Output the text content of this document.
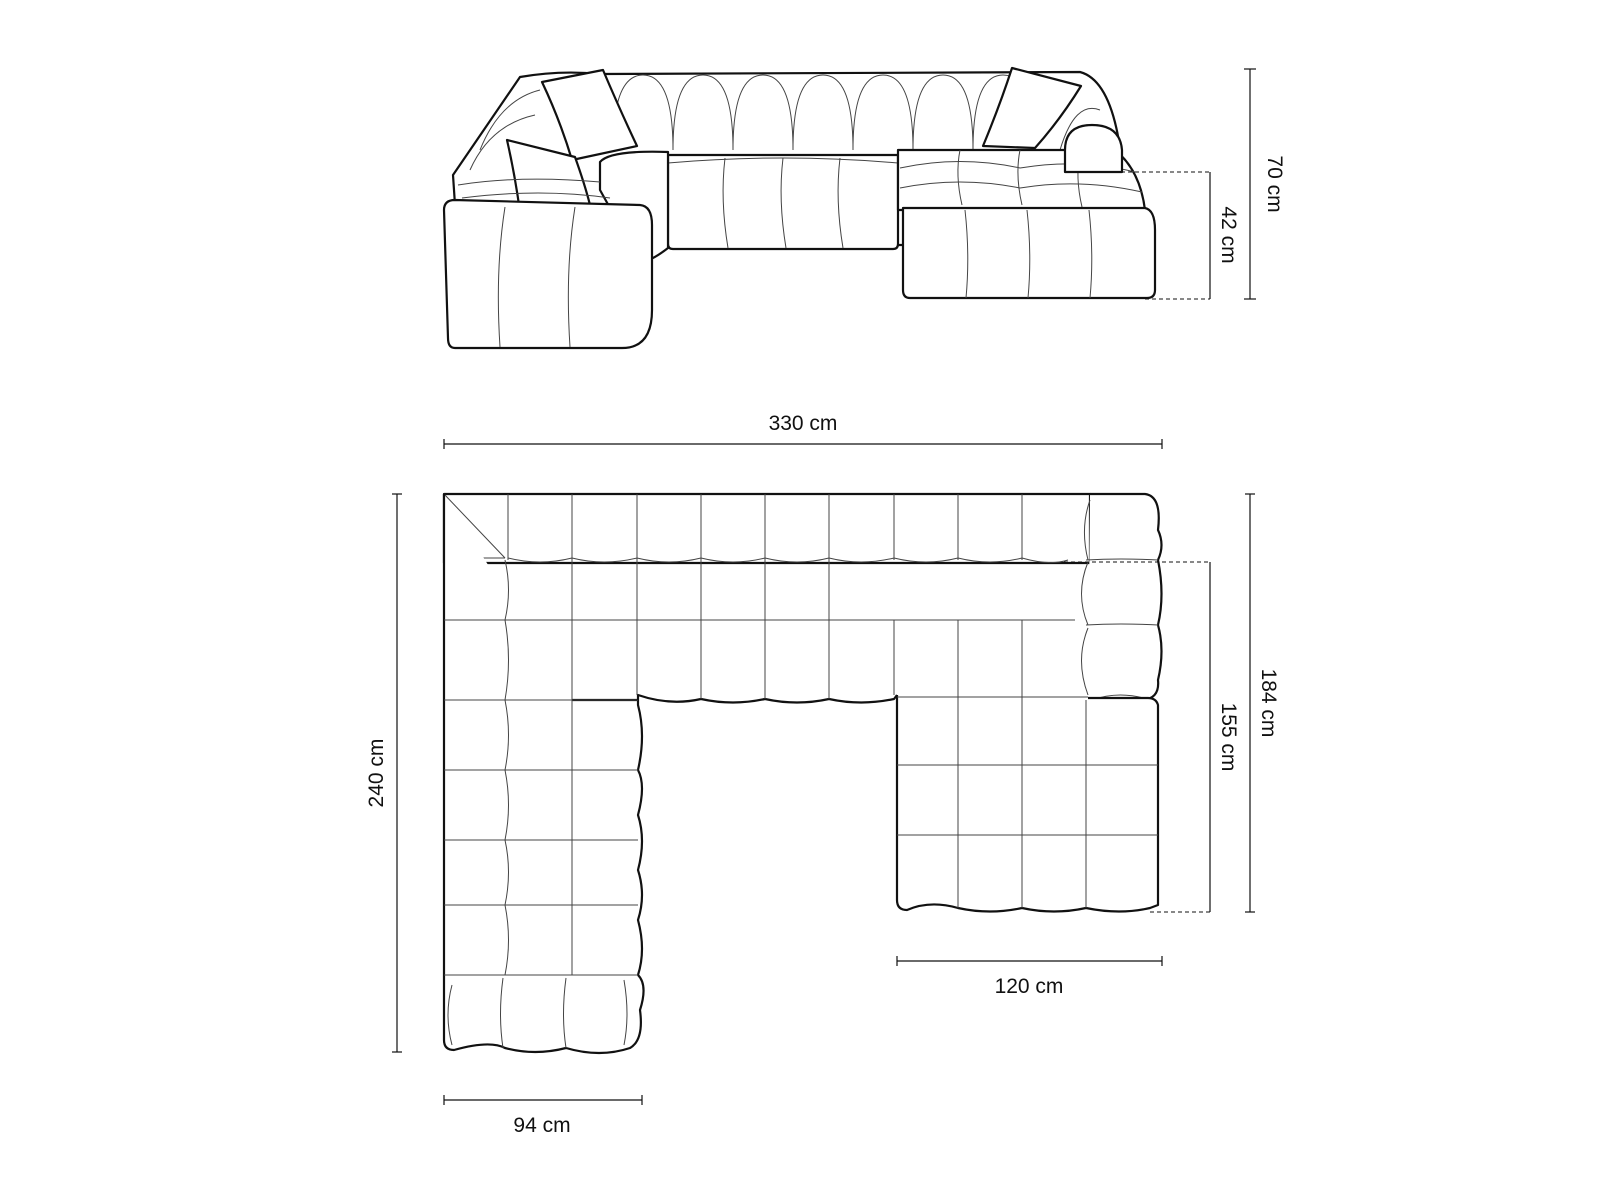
70 cm
42 cm
330 cm
240 cm
184 cm
155 cm
120 cm
94 cm
